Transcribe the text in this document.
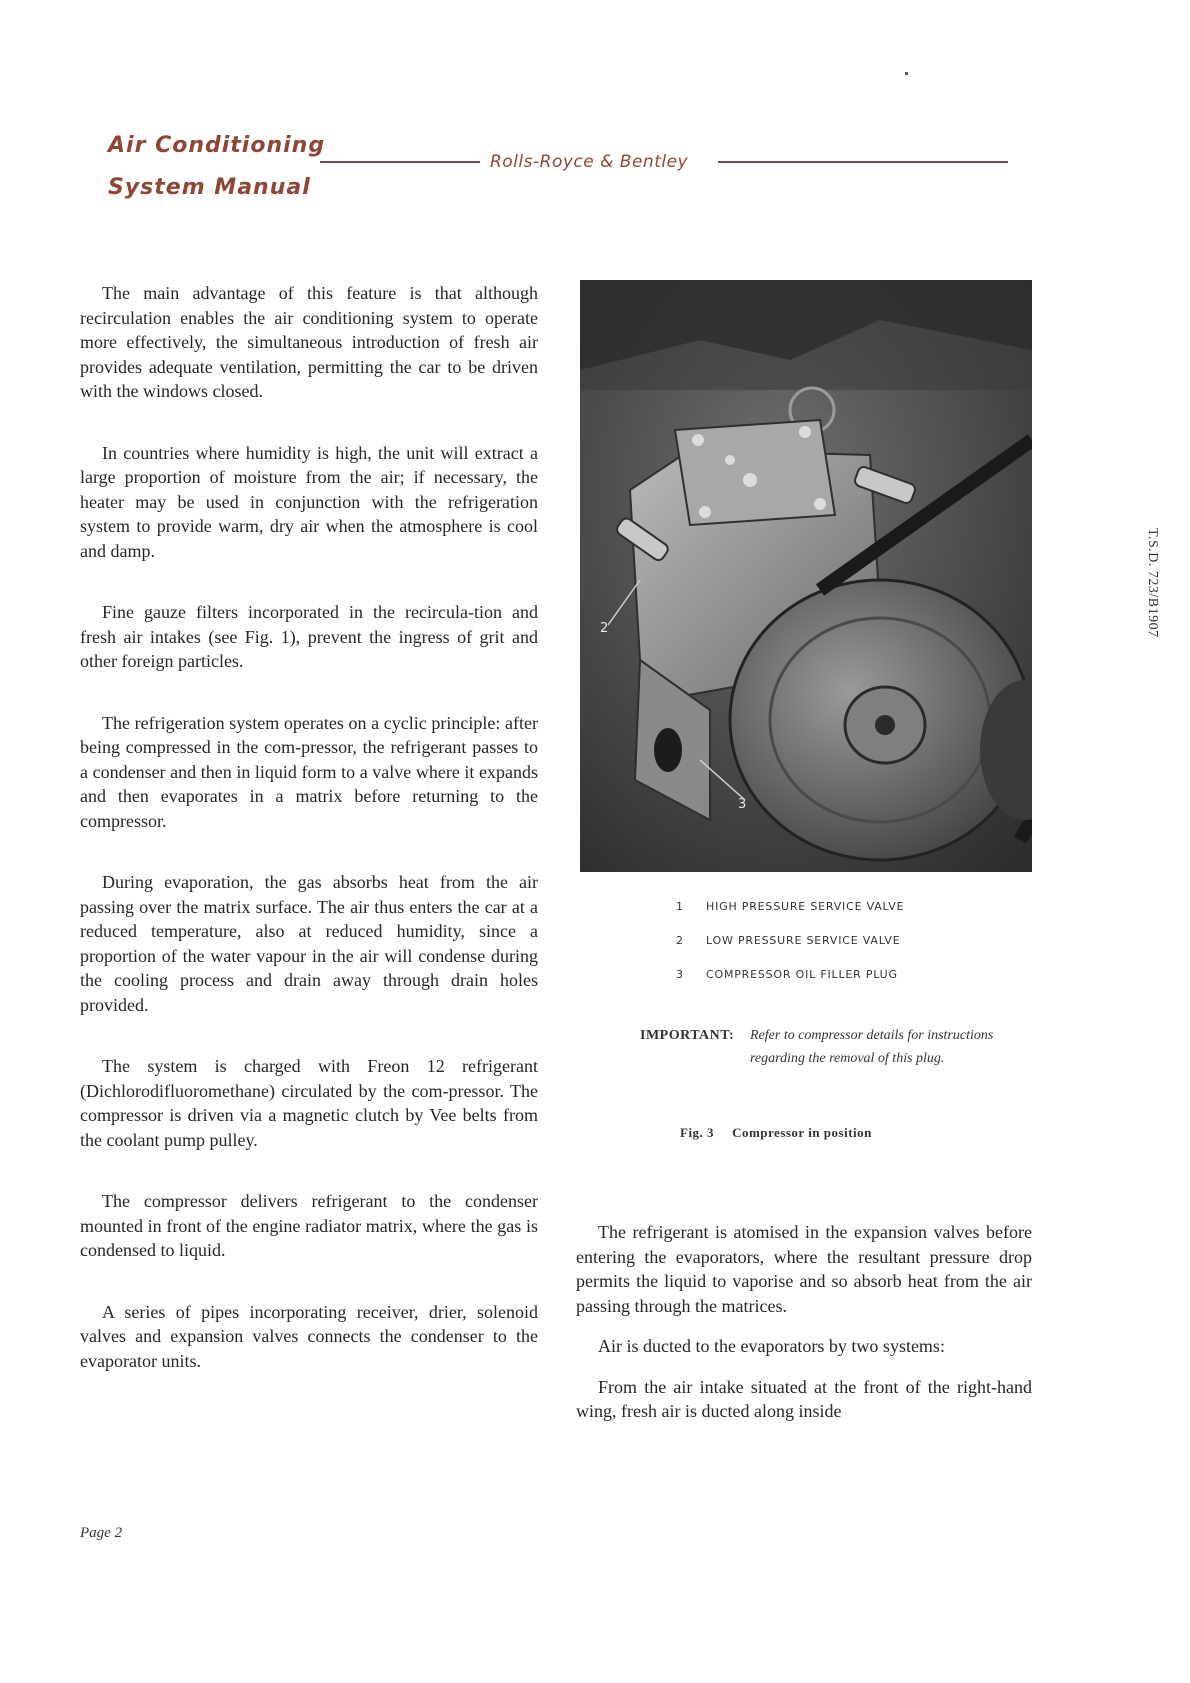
Air Conditioning
System Manual
Rolls-Royce & Bentley

The main advantage of this feature is that although recirculation enables the air conditioning system to operate more effectively, the simultaneous introduction of fresh air provides adequate ventilation, permitting the car to be driven with the windows closed.

In countries where humidity is high, the unit will extract a large proportion of moisture from the air; if necessary, the heater may be used in conjunction with the refrigeration system to provide warm, dry air when the atmosphere is cool and damp.

Fine gauze filters incorporated in the recircula-tion and fresh air intakes (see Fig. 1), prevent the ingress of grit and other foreign particles.

The refrigeration system operates on a cyclic principle: after being compressed in the com-pressor, the refrigerant passes to a condenser and then in liquid form to a valve where it expands and then evaporates in a matrix before returning to the compressor.

During evaporation, the gas absorbs heat from the air passing over the matrix surface. The air thus enters the car at a reduced temperature, also at reduced humidity, since a proportion of the water vapour in the air will condense during the cooling process and drain away through drain holes provided.

The system is charged with Freon 12 refrigerant (Dichlorodifluoromethane) circulated by the com-pressor. The compressor is driven via a magnetic clutch by Vee belts from the coolant pump pulley.

The compressor delivers refrigerant to the condenser mounted in front of the engine radiator matrix, where the gas is condensed to liquid.

A series of pipes incorporating receiver, drier, solenoid valves and expansion valves connects the condenser to the evaporator units.

2
3
1 HIGH PRESSURE SERVICE VALVE
2 LOW PRESSURE SERVICE VALVE
3 COMPRESSOR OIL FILLER PLUG
IMPORTANT: Refer to compressor details for instructions regarding the removal of this plug.
Fig. 3 Compressor in position

The refrigerant is atomised in the expansion valves before entering the evaporators, where the resultant pressure drop permits the liquid to vaporise and so absorb heat from the air passing through the matrices.

Air is ducted to the evaporators by two systems:

From the air intake situated at the front of the right-hand wing, fresh air is ducted along inside

T.S.D. 723/B1907
Page 2
